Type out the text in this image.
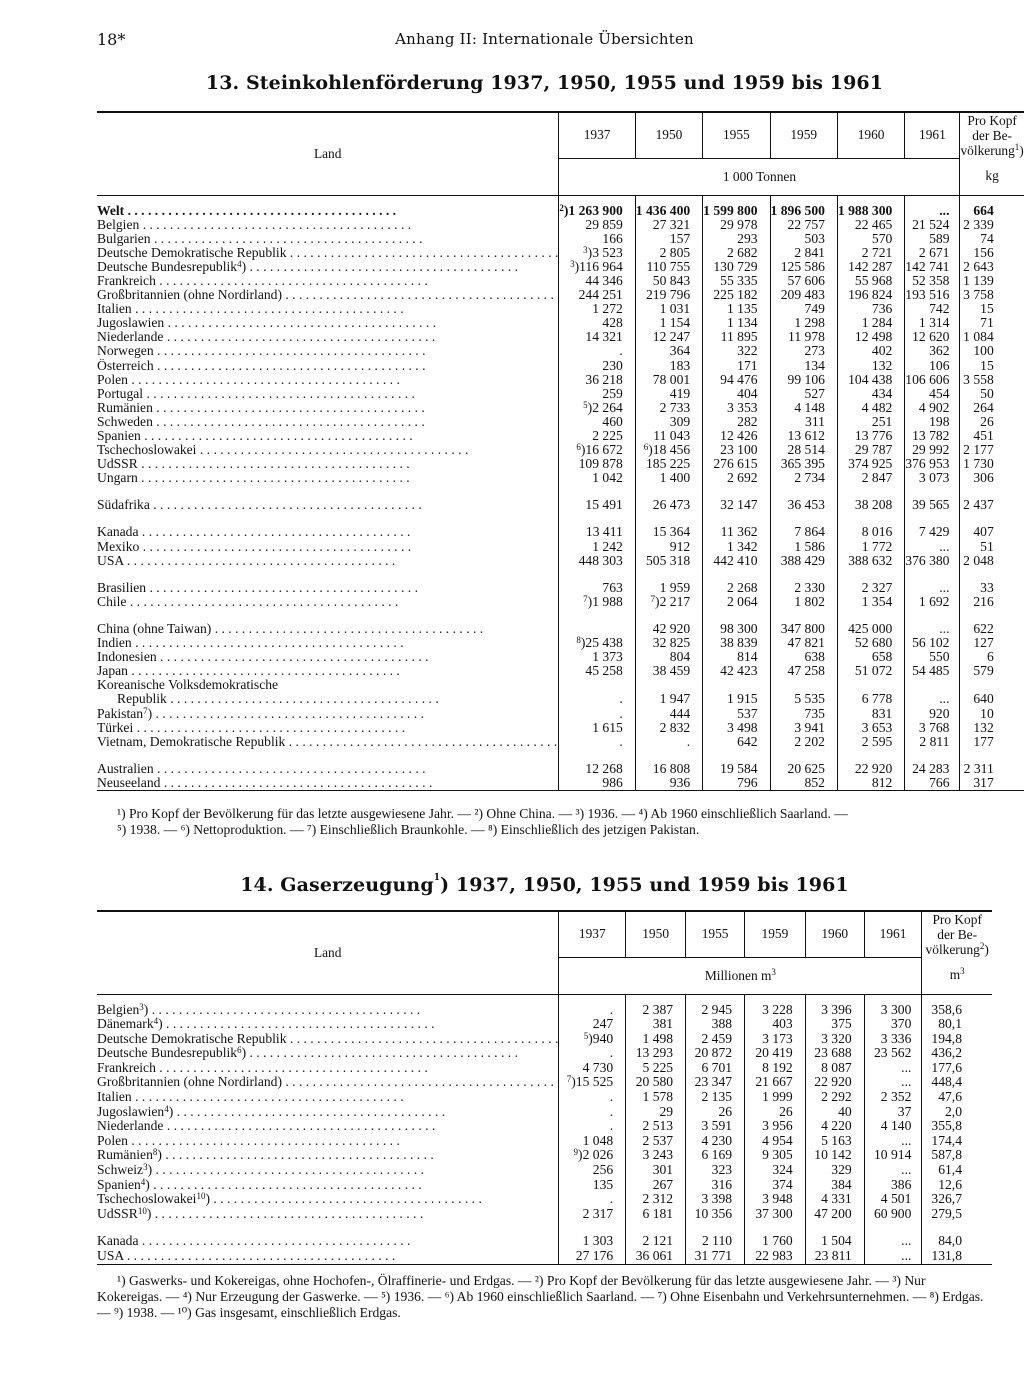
18*	Anhang II: Internationale Übersichten
13. Steinkohlenförderung 1937, 1950, 1955 und 1959 bis 1961
Land	1937	1950	1955	1959	1960	1961	Pro Kopf
der Be-
völkerung$^1$)
	1 000 Tonnen						kg

Welt . . . . . . . . . . . . . . . . . . . . . . . . . . . . . . . . . . . . . . . .	$^2$)1 263 900	1 436 400	1 599 800	1 896 500	1 988 300	...	664
Belgien . . . . . . . . . . . . . . . . . . . . . . . . . . . . . . . . . . . . . . . .	29 859	27 321	29 978	22 757	22 465	21 524	2 339
Bulgarien . . . . . . . . . . . . . . . . . . . . . . . . . . . . . . . . . . . . . . . .	166	157	293	503	570	589	74
Deutsche Demokratische Republik . . . . . . . . . . . . . . . . . . . . . . . . . . . . . . . . . . . . . . . .	$^3$)3 523	2 805	2 682	2 841	2 721	2 671	156
Deutsche Bundesrepublik$^4$) . . . . . . . . . . . . . . . . . . . . . . . . . . . . . . . . . . . . . . . .	$^3$)116 964	110 755	130 729	125 586	142 287	142 741	2 643
Frankreich . . . . . . . . . . . . . . . . . . . . . . . . . . . . . . . . . . . . . . . .	44 346	50 843	55 335	57 606	55 968	52 358	1 139
Großbritannien (ohne Nordirland) . . . . . . . . . . . . . . . . . . . . . . . . . . . . . . . . . . . . . . . .	244 251	219 796	225 182	209 483	196 824	193 516	3 758
Italien . . . . . . . . . . . . . . . . . . . . . . . . . . . . . . . . . . . . . . . .	1 272	1 031	1 135	749	736	742	15
Jugoslawien . . . . . . . . . . . . . . . . . . . . . . . . . . . . . . . . . . . . . . . .	428	1 154	1 134	1 298	1 284	1 314	71
Niederlande . . . . . . . . . . . . . . . . . . . . . . . . . . . . . . . . . . . . . . . .	14 321	12 247	11 895	11 978	12 498	12 620	1 084
Norwegen . . . . . . . . . . . . . . . . . . . . . . . . . . . . . . . . . . . . . . . .	.	364	322	273	402	362	100
Österreich . . . . . . . . . . . . . . . . . . . . . . . . . . . . . . . . . . . . . . . .	230	183	171	134	132	106	15
Polen . . . . . . . . . . . . . . . . . . . . . . . . . . . . . . . . . . . . . . . .	36 218	78 001	94 476	99 106	104 438	106 606	3 558
Portugal . . . . . . . . . . . . . . . . . . . . . . . . . . . . . . . . . . . . . . . .	259	419	404	527	434	454	50
Rumänien . . . . . . . . . . . . . . . . . . . . . . . . . . . . . . . . . . . . . . . .	$^5$)2 264	2 733	3 353	4 148	4 482	4 902	264
Schweden . . . . . . . . . . . . . . . . . . . . . . . . . . . . . . . . . . . . . . . .	460	309	282	311	251	198	26
Spanien . . . . . . . . . . . . . . . . . . . . . . . . . . . . . . . . . . . . . . . .	2 225	11 043	12 426	13 612	13 776	13 782	451
Tschechoslowakei . . . . . . . . . . . . . . . . . . . . . . . . . . . . . . . . . . . . . . . .	$^6$)16 672	$^6$)18 456	23 100	28 514	29 787	29 992	2 177
UdSSR . . . . . . . . . . . . . . . . . . . . . . . . . . . . . . . . . . . . . . . .	109 878	185 225	276 615	365 395	374 925	376 953	1 730
Ungarn . . . . . . . . . . . . . . . . . . . . . . . . . . . . . . . . . . . . . . . .	1 042	1 400	2 692	2 734	2 847	3 073	306

Südafrika . . . . . . . . . . . . . . . . . . . . . . . . . . . . . . . . . . . . . . . .	15 491	26 473	32 147	36 453	38 208	39 565	2 437

Kanada . . . . . . . . . . . . . . . . . . . . . . . . . . . . . . . . . . . . . . . .	13 411	15 364	11 362	7 864	8 016	7 429	407
Mexiko . . . . . . . . . . . . . . . . . . . . . . . . . . . . . . . . . . . . . . . .	1 242	912	1 342	1 586	1 772	...	51
USA . . . . . . . . . . . . . . . . . . . . . . . . . . . . . . . . . . . . . . . .	448 303	505 318	442 410	388 429	388 632	376 380	2 048

Brasilien . . . . . . . . . . . . . . . . . . . . . . . . . . . . . . . . . . . . . . . .	763	1 959	2 268	2 330	2 327	...	33
Chile . . . . . . . . . . . . . . . . . . . . . . . . . . . . . . . . . . . . . . . .	$^7$)1 988	$^7$)2 217	2 064	1 802	1 354	1 692	216

China (ohne Taiwan) . . . . . . . . . . . . . . . . . . . . . . . . . . . . . . . . . . . . . . . .		42 920	98 300	347 800	425 000	...	622
Indien . . . . . . . . . . . . . . . . . . . . . . . . . . . . . . . . . . . . . . . .	$^8$)25 438	32 825	38 839	47 821	52 680	56 102	127
Indonesien . . . . . . . . . . . . . . . . . . . . . . . . . . . . . . . . . . . . . . . .	1 373	804	814	638	658	550	6
Japan . . . . . . . . . . . . . . . . . . . . . . . . . . . . . . . . . . . . . . . .	45 258	38 459	42 423	47 258	51 072	54 485	579
Koreanische Volksdemokratische							
Republik . . . . . . . . . . . . . . . . . . . . . . . . . . . . . . . . . . . . . . . .	.	1 947	1 915	5 535	6 778	...	640
Pakistan$^7$) . . . . . . . . . . . . . . . . . . . . . . . . . . . . . . . . . . . . . . . .	.	444	537	735	831	920	10
Türkei . . . . . . . . . . . . . . . . . . . . . . . . . . . . . . . . . . . . . . . .	1 615	2 832	3 498	3 941	3 653	3 768	132
Vietnam, Demokratische Republik . . . . . . . . . . . . . . . . . . . . . . . . . . . . . . . . . . . . . . . .	.	.	642	2 202	2 595	2 811	177

Australien . . . . . . . . . . . . . . . . . . . . . . . . . . . . . . . . . . . . . . . .	12 268	16 808	19 584	20 625	22 920	24 283	2 311
Neuseeland . . . . . . . . . . . . . . . . . . . . . . . . . . . . . . . . . . . . . . . .	986	936	796	852	812	766	317

¹) Pro Kopf der Bevölkerung für das letzte ausgewiesene Jahr. — ²) Ohne China. — ³) 1936. — ⁴) Ab 1960 einschließlich Saarland. —

⁵) 1938. — ⁶) Nettoproduktion. — ⁷) Einschließlich Braunkohle. — ⁸) Einschließlich des jetzigen Pakistan.

14. Gaserzeugung$^1$) 1937, 1950, 1955 und 1959 bis 1961
Land	1937	1950	1955	1959	1960	1961	Pro Kopf
der Be-
völkerung$^2$)
	Millionen m$^3$						m$^3$

Belgien$^3$) . . . . . . . . . . . . . . . . . . . . . . . . . . . . . . . . . . . . . . . .	.	2 387	2 945	3 228	3 396	3 300	358,6
Dänemark$^4$) . . . . . . . . . . . . . . . . . . . . . . . . . . . . . . . . . . . . . . . .	247	381	388	403	375	370	80,1
Deutsche Demokratische Republik . . . . . . . . . . . . . . . . . . . . . . . . . . . . . . . . . . . . . . . .	$^5$)940	1 498	2 459	3 173	3 320	3 336	194,8
Deutsche Bundesrepublik$^6$) . . . . . . . . . . . . . . . . . . . . . . . . . . . . . . . . . . . . . . . .	.	13 293	20 872	20 419	23 688	23 562	436,2
Frankreich . . . . . . . . . . . . . . . . . . . . . . . . . . . . . . . . . . . . . . . .	4 730	5 225	6 701	8 192	8 087	...	177,6
Großbritannien (ohne Nordirland) . . . . . . . . . . . . . . . . . . . . . . . . . . . . . . . . . . . . . . . .	$^7$)15 525	20 580	23 347	21 667	22 920	...	448,4
Italien . . . . . . . . . . . . . . . . . . . . . . . . . . . . . . . . . . . . . . . .	.	1 578	2 135	1 999	2 292	2 352	47,6
Jugoslawien$^4$) . . . . . . . . . . . . . . . . . . . . . . . . . . . . . . . . . . . . . . . .	.	29	26	26	40	37	2,0
Niederlande . . . . . . . . . . . . . . . . . . . . . . . . . . . . . . . . . . . . . . . .	.	2 513	3 591	3 956	4 220	4 140	355,8
Polen . . . . . . . . . . . . . . . . . . . . . . . . . . . . . . . . . . . . . . . .	1 048	2 537	4 230	4 954	5 163	...	174,4
Rumänien$^8$) . . . . . . . . . . . . . . . . . . . . . . . . . . . . . . . . . . . . . . . .	$^9$)2 026	3 243	6 169	9 305	10 142	10 914	587,8
Schweiz$^3$) . . . . . . . . . . . . . . . . . . . . . . . . . . . . . . . . . . . . . . . .	256	301	323	324	329	...	61,4
Spanien$^4$) . . . . . . . . . . . . . . . . . . . . . . . . . . . . . . . . . . . . . . . .	135	267	316	374	384	386	12,6
Tschechoslowakei$^{10}$) . . . . . . . . . . . . . . . . . . . . . . . . . . . . . . . . . . . . . . . .	.	2 312	3 398	3 948	4 331	4 501	326,7
UdSSR$^{10}$) . . . . . . . . . . . . . . . . . . . . . . . . . . . . . . . . . . . . . . . .	2 317	6 181	10 356	37 300	47 200	60 900	279,5

Kanada . . . . . . . . . . . . . . . . . . . . . . . . . . . . . . . . . . . . . . . .	1 303	2 121	2 110	1 760	1 504	...	84,0
USA . . . . . . . . . . . . . . . . . . . . . . . . . . . . . . . . . . . . . . . .	27 176	36 061	31 771	22 983	23 811	...	131,8

¹) Gaswerks- und Kokereigas, ohne Hochofen-, Ölraffinerie- und Erdgas. — ²) Pro Kopf der Bevölkerung für das letzte ausgewiesene Jahr. — ³) Nur Kokereigas. — ⁴) Nur Erzeugung der Gaswerke. — ⁵) 1936. — ⁶) Ab 1960 einschließlich Saarland. — ⁷) Ohne Eisenbahn und Verkehrsunternehmen. — ⁸) Erdgas. — ⁹) 1938. — ¹⁰) Gas insgesamt, einschließlich Erdgas.
